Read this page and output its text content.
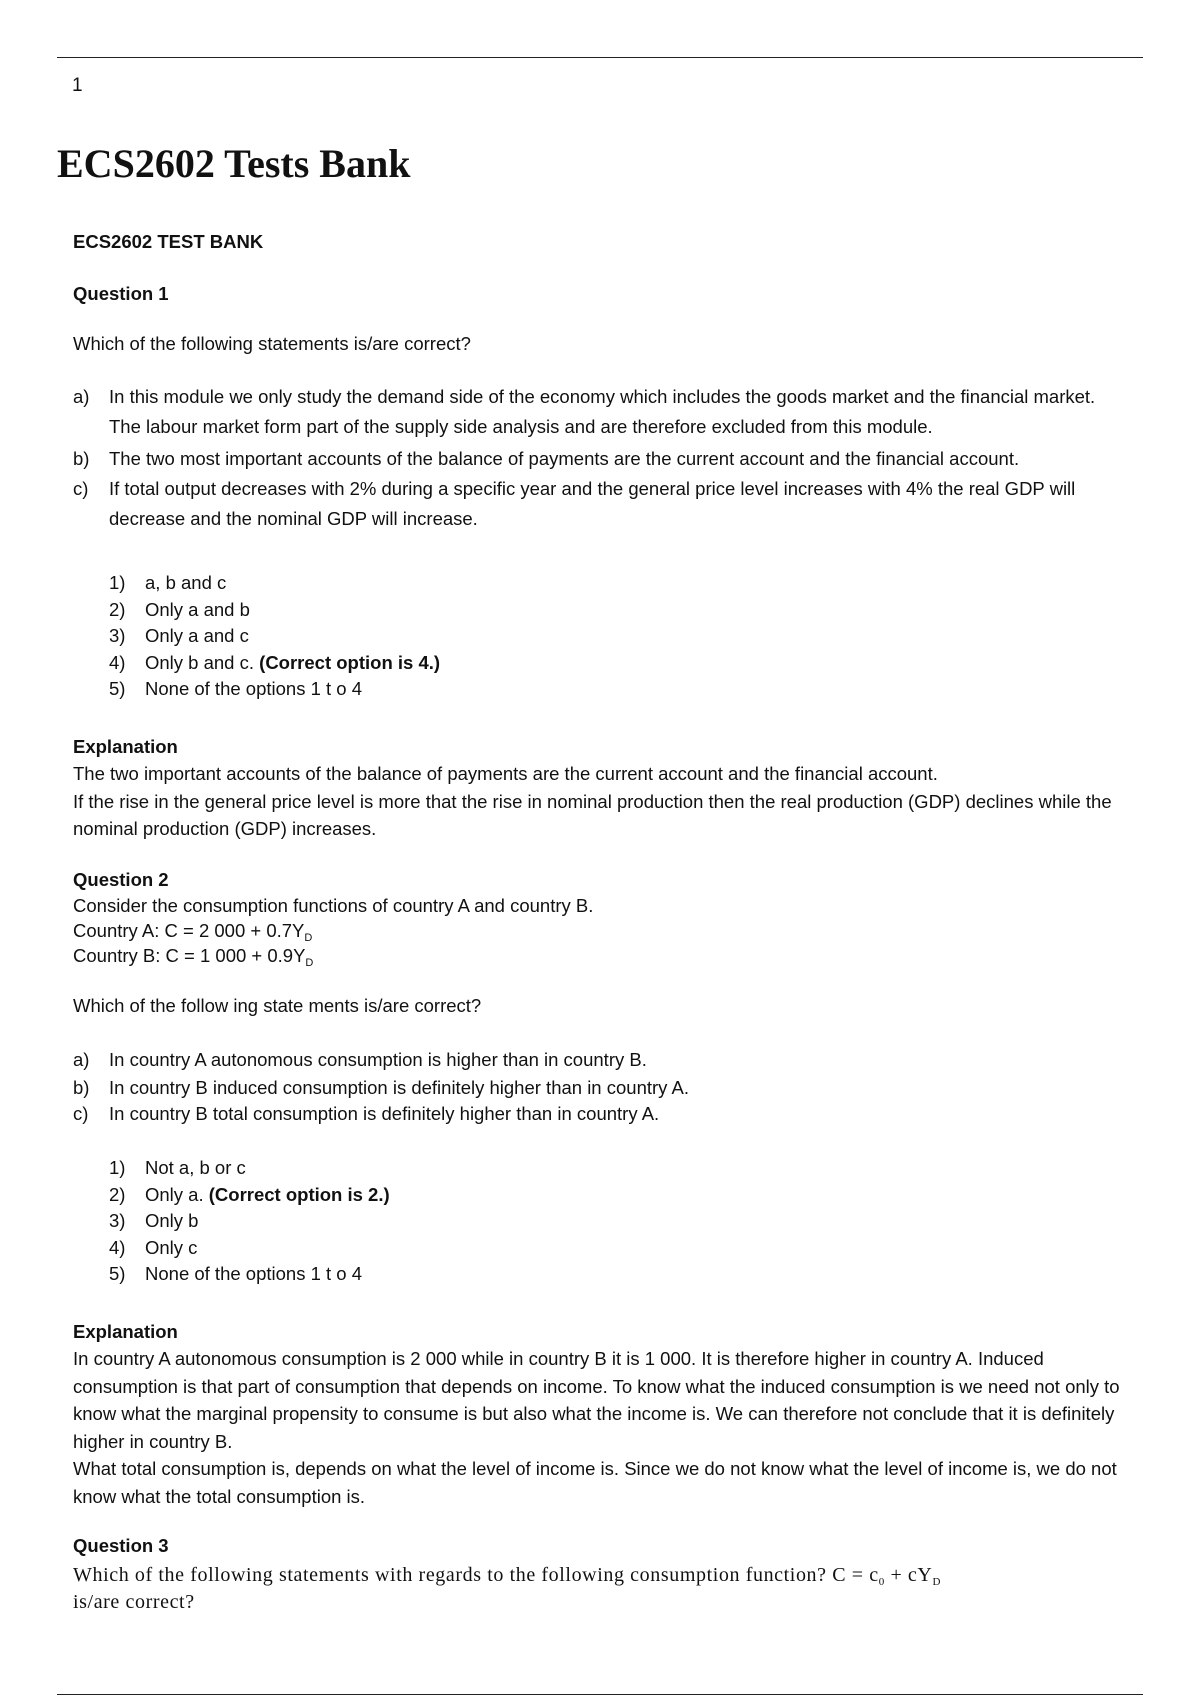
1
ECS2602 Tests Bank
ECS2602 TEST BANK
Question 1
Which of the following statements is/are correct?
a) In this module we only study the demand side of the economy which includes the goods market and the financial market. The labour market form part of the supply side analysis and are therefore excluded from this module.
b) The two most important accounts of the balance of payments are the current account and the financial account.
c) If total output decreases with 2% during a specific year and the general price level increases with 4% the real GDP will decrease and the nominal GDP will increase.
1) a, b and c
2) Only a and b
3) Only a and c
4) Only b and c. (Correct option is 4.)
5) None of the options 1 t o 4
Explanation

The two important accounts of the balance of payments are the current account and the financial account.

If the rise in the general price level is more that the rise in nominal production then the real production (GDP) declines while the nominal production (GDP) increases.

Question 2
Consider the consumption functions of country A and country B.
Country A: C = 2 $000 + 0.7Y_D$
Country B: C = 1 $000 + 0.9Y_D$
Which of the follow ing state ments is/are correct?
a) In country A autonomous consumption is higher than in country B.
b) In country B induced consumption is definitely higher than in country A.
c) In country B total consumption is definitely higher than in country A.
1) Not a, b or c
2) Only a. (Correct option is 2.)
3) Only b
4) Only c
5) None of the options 1 t o 4
Explanation

In country A autonomous consumption is 2 000 while in country B it is 1 000. It is therefore higher in country A. Induced consumption is that part of consumption that depends on income. To know what the induced consumption is we need not only to know what the marginal propensity to consume is but also what the income is. We can therefore not conclude that it is definitely higher in country B.

What total consumption is, depends on what the level of income is. Since we do not know what the level of income is, we do not know what the total consumption is.

Question 3
Which of the following statements with regards to the following consumption function? $C = c_0 + cY_D$
is/are correct?
